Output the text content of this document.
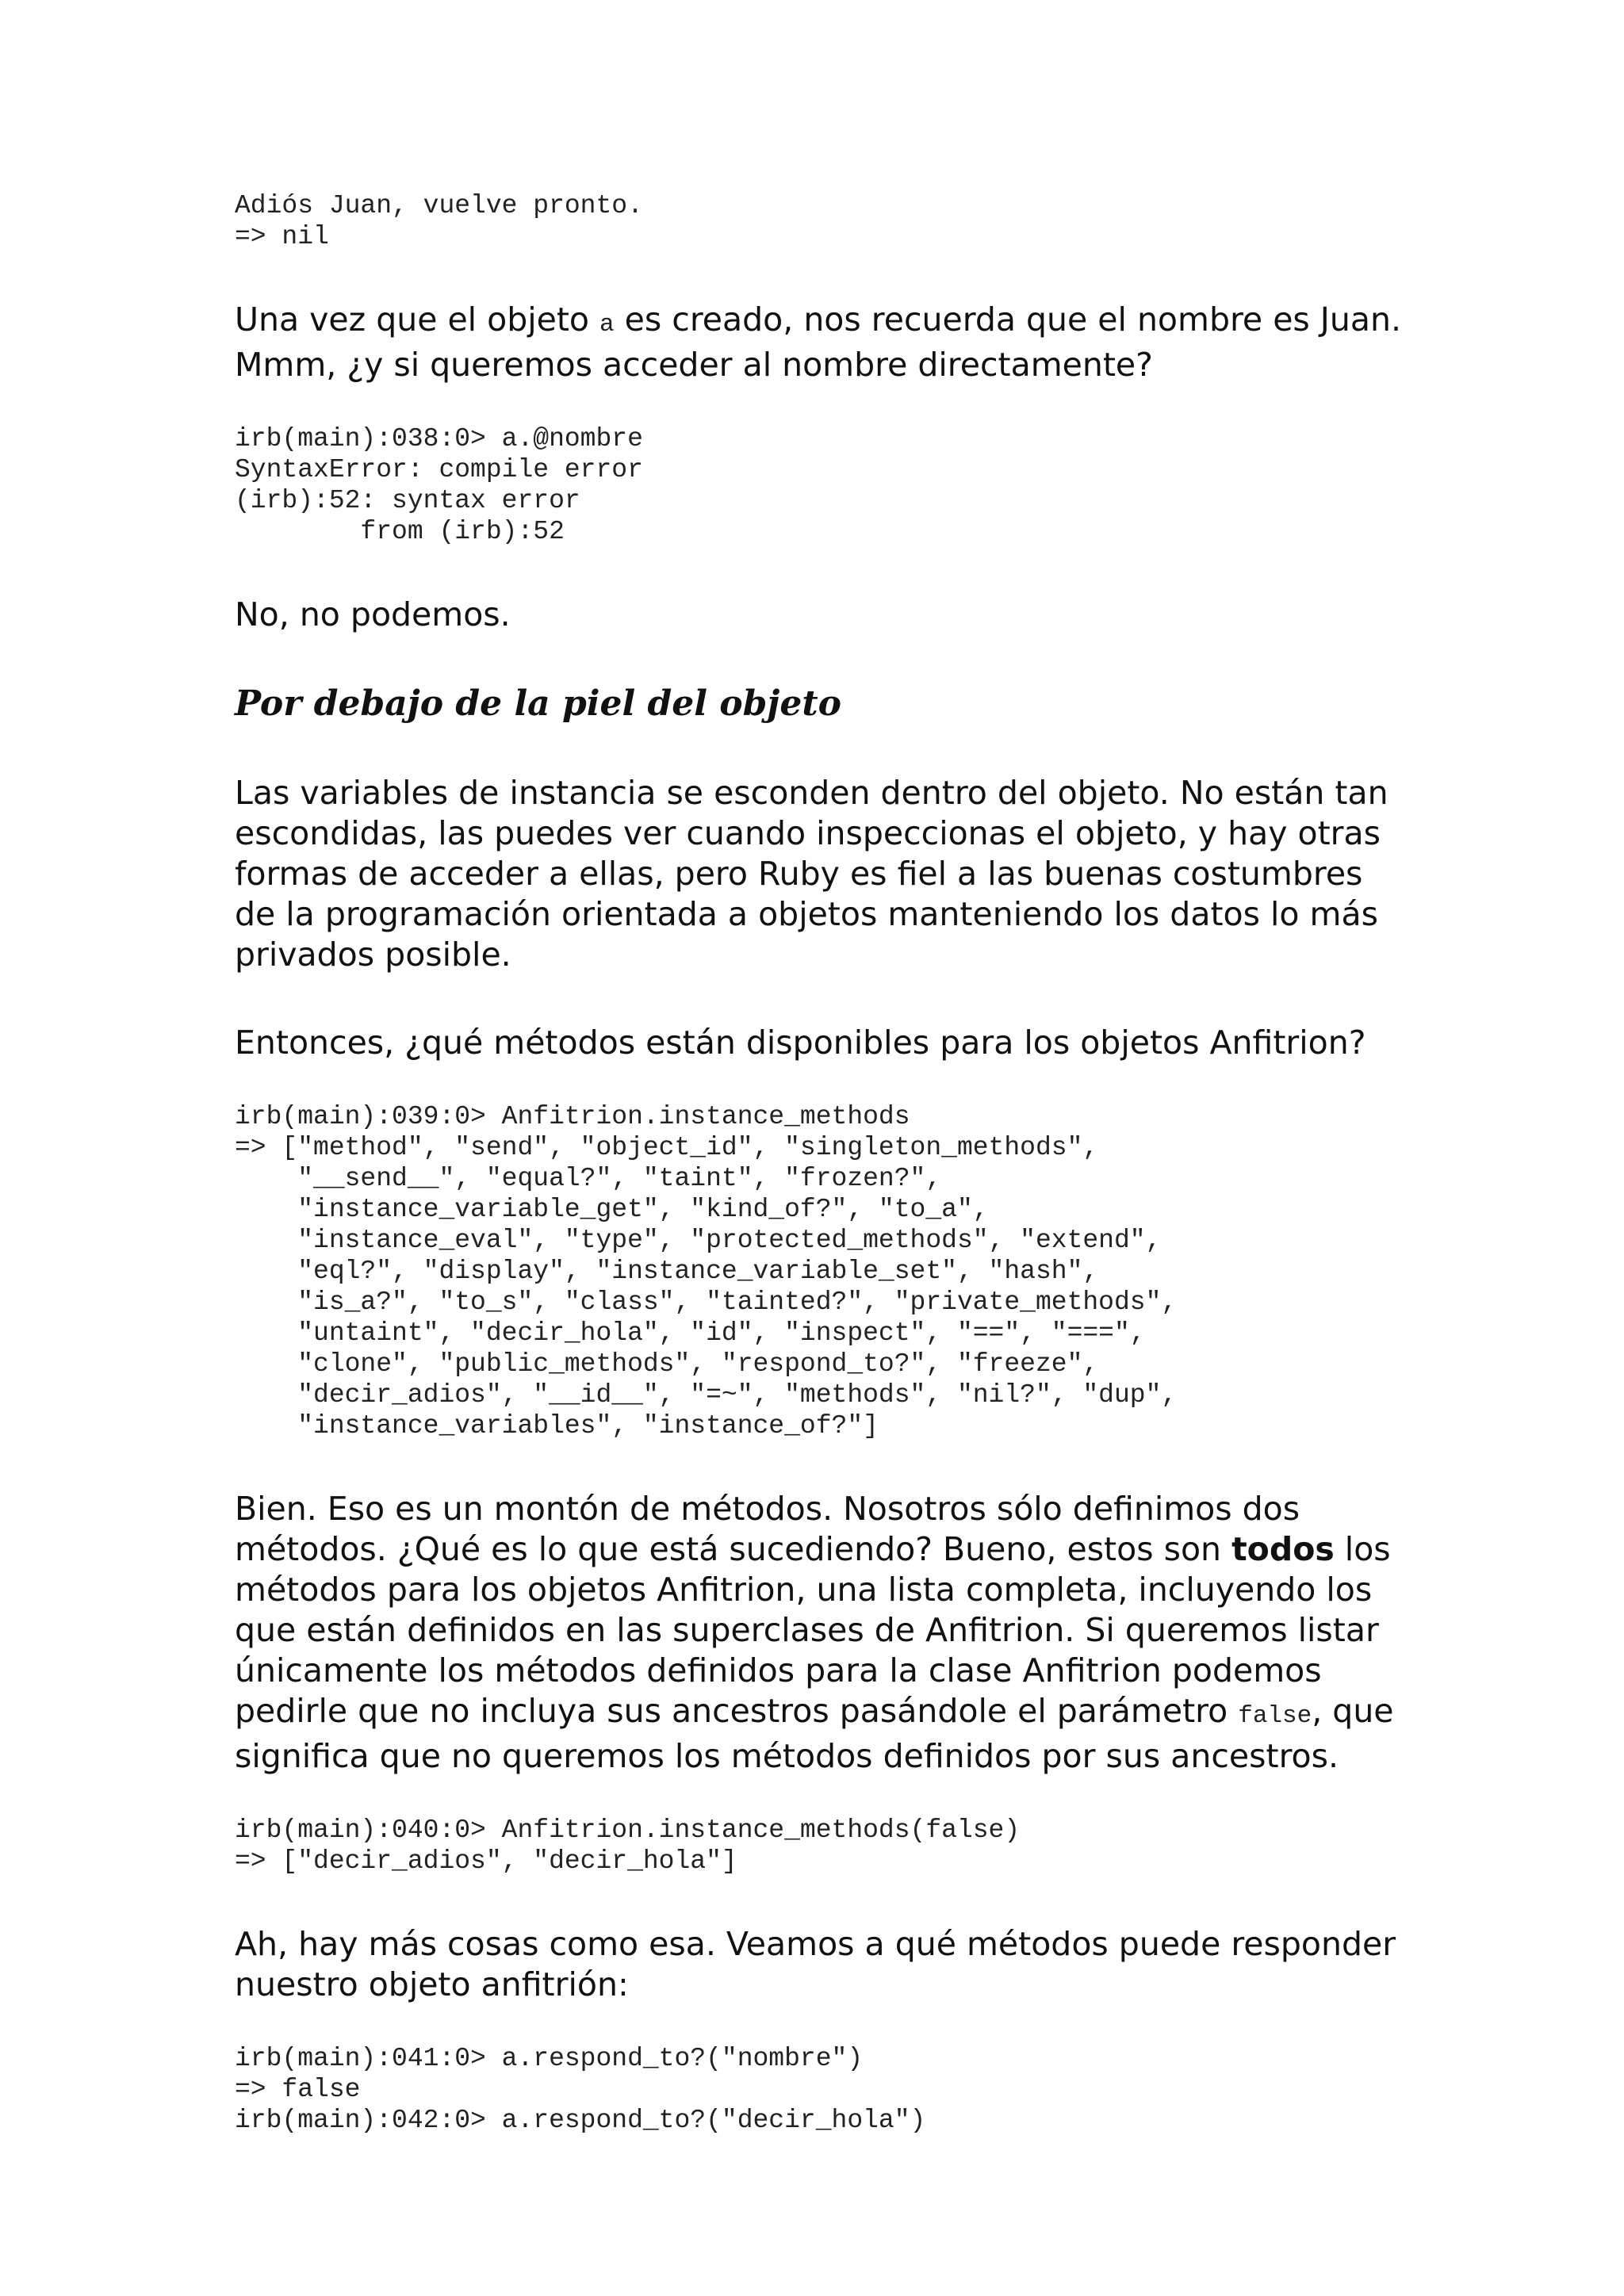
Adiós Juan, vuelve pronto.
=> nil

Una vez que el objeto a es creado, nos recuerda que el nombre es Juan. Mmm, ¿y si queremos acceder al nombre directamente?

irb(main):038:0> a.@nombre
SyntaxError: compile error
(irb):52: syntax error
from (irb):52

No, no podemos.

Por debajo de la piel del objeto

Las variables de instancia se esconden dentro del objeto. No están tan escondidas, las puedes ver cuando inspeccionas el objeto, y hay otras formas de acceder a ellas, pero Ruby es fiel a las buenas costumbres de la programación orientada a objetos manteniendo los datos lo más privados posible.

Entonces, ¿qué métodos están disponibles para los objetos Anfitrion?

irb(main):039:0> Anfitrion.instance_methods
=> ["method", "send", "object_id", "singleton_methods",
"__send__", "equal?", "taint", "frozen?",
"instance_variable_get", "kind_of?", "to_a",
"instance_eval", "type", "protected_methods", "extend",
"eql?", "display", "instance_variable_set", "hash",
"is_a?", "to_s", "class", "tainted?", "private_methods",
"untaint", "decir_hola", "id", "inspect", "==", "===",
"clone", "public_methods", "respond_to?", "freeze",
"decir_adios", "__id__", "=~", "methods", "nil?", "dup",
"instance_variables", "instance_of?"]

Bien. Eso es un montón de métodos. Nosotros sólo definimos dos métodos. ¿Qué es lo que está sucediendo? Bueno, estos son todos los métodos para los objetos Anfitrion, una lista completa, incluyendo los que están definidos en las superclases de Anfitrion. Si queremos listar únicamente los métodos definidos para la clase Anfitrion podemos pedirle que no incluya sus ancestros pasándole el parámetro false, que significa que no queremos los métodos definidos por sus ancestros.

irb(main):040:0> Anfitrion.instance_methods(false)
=> ["decir_adios", "decir_hola"]

Ah, hay más cosas como esa. Veamos a qué métodos puede responder nuestro objeto anfitrión:

irb(main):041:0> a.respond_to?("nombre")
=> false
irb(main):042:0> a.respond_to?("decir_hola")
